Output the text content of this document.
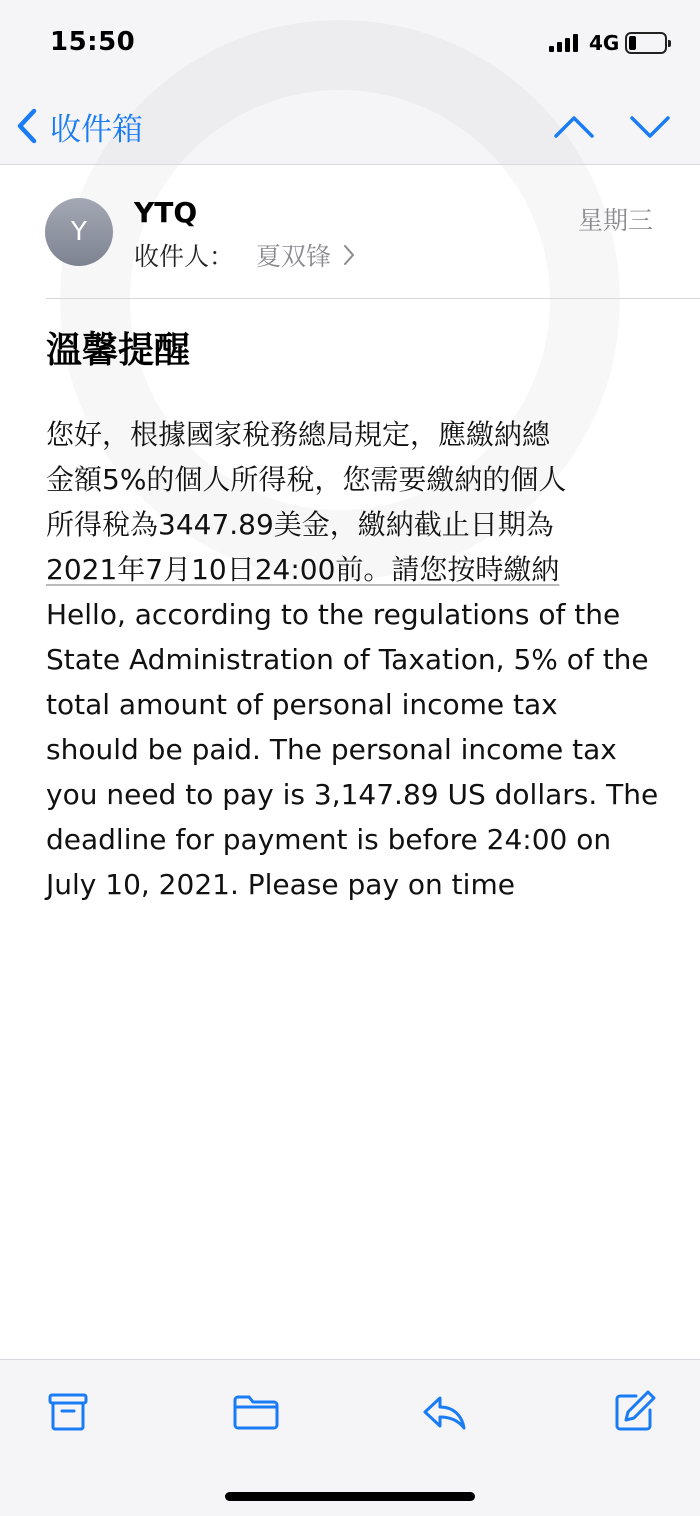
15:50	4G
收件箱
Y
YTQ
收件人： 夏双锋
星期三
溫馨提醒
您好，根據國家稅務總局規定，應繳納總
金額5%的個人所得稅，您需要繳納的個人
所得稅為3447.89美金，繳納截止日期為
2021年7月10日24:00前。請您按時繳納
Hello, according to the regulations of the
State Administration of Taxation, 5% of the
total amount of personal income tax
should be paid. The personal income tax
you need to pay is 3,147.89 US dollars. The
deadline for payment is before 24:00 on
July 10, 2021. Please pay on time
